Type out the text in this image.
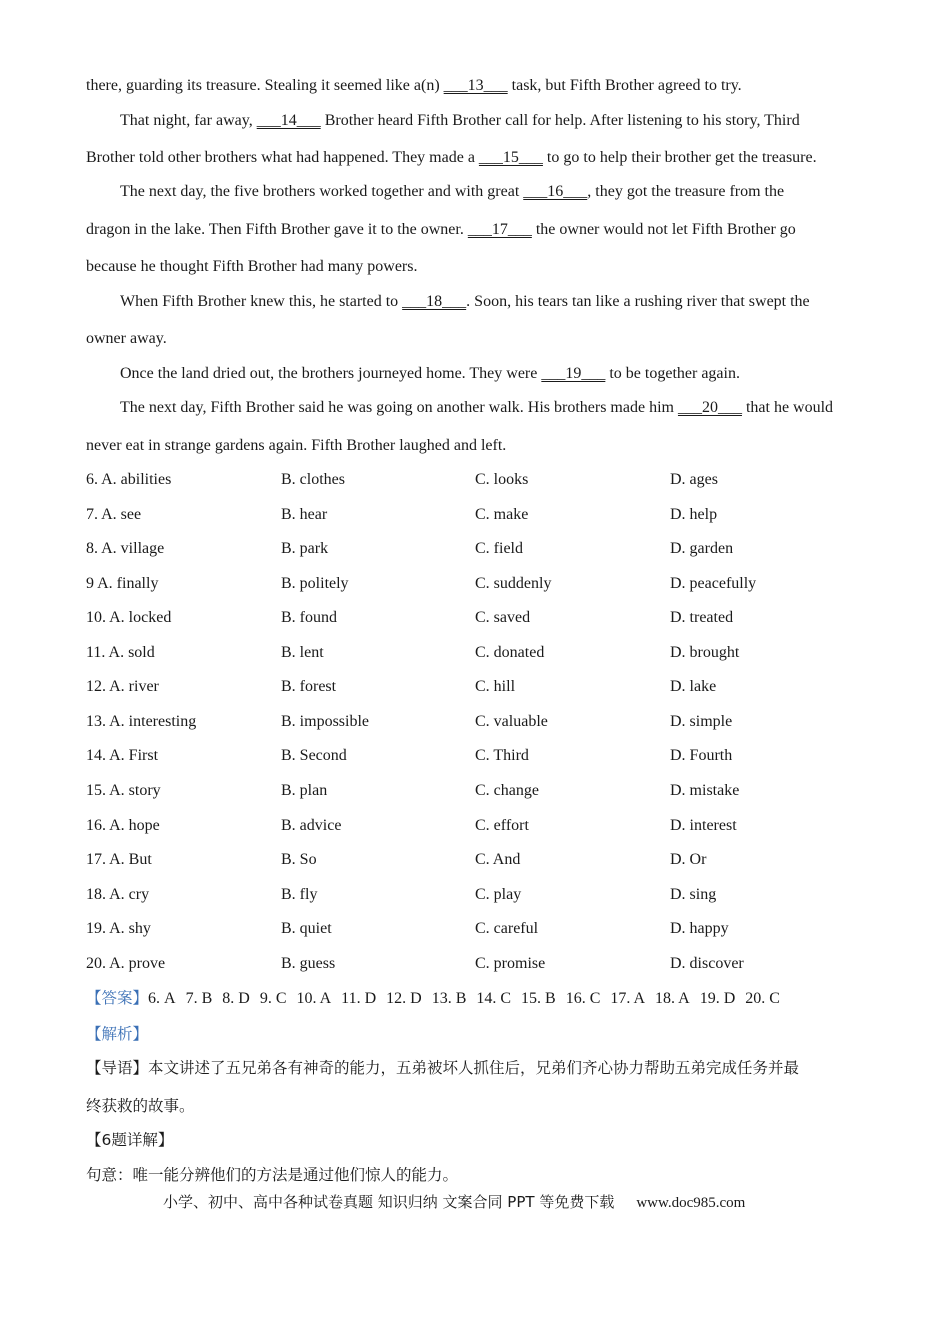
there, guarding its treasure. Stealing it seemed like a(n) ___13___ task, but Fifth Brother agreed to try.
That night, far away, ___14___ Brother heard Fifth Brother call for help. After listening to his story, Third
Brother told other brothers what had happened. They made a ___15___ to go to help their brother get the treasure.
The next day, the five brothers worked together and with great ___16___, they got the treasure from the
dragon in the lake. Then Fifth Brother gave it to the owner. ___17___ the owner would not let Fifth Brother go
because he thought Fifth Brother had many powers.
When Fifth Brother knew this, he started to ___18___. Soon, his tears tan like a rushing river that swept the
owner away.
Once the land dried out, the brothers journeyed home. They were ___19___ to be together again.
The next day, Fifth Brother said he was going on another walk. His brothers made him ___20___ that he would
never eat in strange gardens again. Fifth Brother laughed and left.
6. A. abilities	B. clothes	C. looks	D. ages
7. A. see	B. hear	C. make	D. help
8. A. village	B. park	C. field	D. garden
9 A. finally	B. politely	C. suddenly	D. peacefully
10. A. locked	B. found	C. saved	D. treated
11. A. sold	B. lent	C. donated	D. brought
12. A. river	B. forest	C. hill	D. lake
13. A. interesting	B. impossible	C. valuable	D. simple
14. A. First	B. Second	C. Third	D. Fourth
15. A. story	B. plan	C. change	D. mistake
16. A. hope	B. advice	C. effort	D. interest
17. A. But	B. So	C. And	D. Or
18. A. cry	B. fly	C. play	D. sing
19. A. shy	B. quiet	C. careful	D. happy
20. A. prove	B. guess	C. promise	D. discover
【答案】6. A 7. B 8. D 9. C 10. A 11. D 12. D 13. B 14. C 15. B 16. C 17. A 18. A 19. D 20. C
【解析】
【导语】本文讲述了五兄弟各有神奇的能力，五弟被坏人抓住后，兄弟们齐心协力帮助五弟完成任务并最
终获救的故事。
【6题详解】
句意：唯一能分辨他们的方法是通过他们惊人的能力。
小学、初中、高中各种试卷真题 知识归纳 文案合同 PPT 等免费下载 www.doc985.com
